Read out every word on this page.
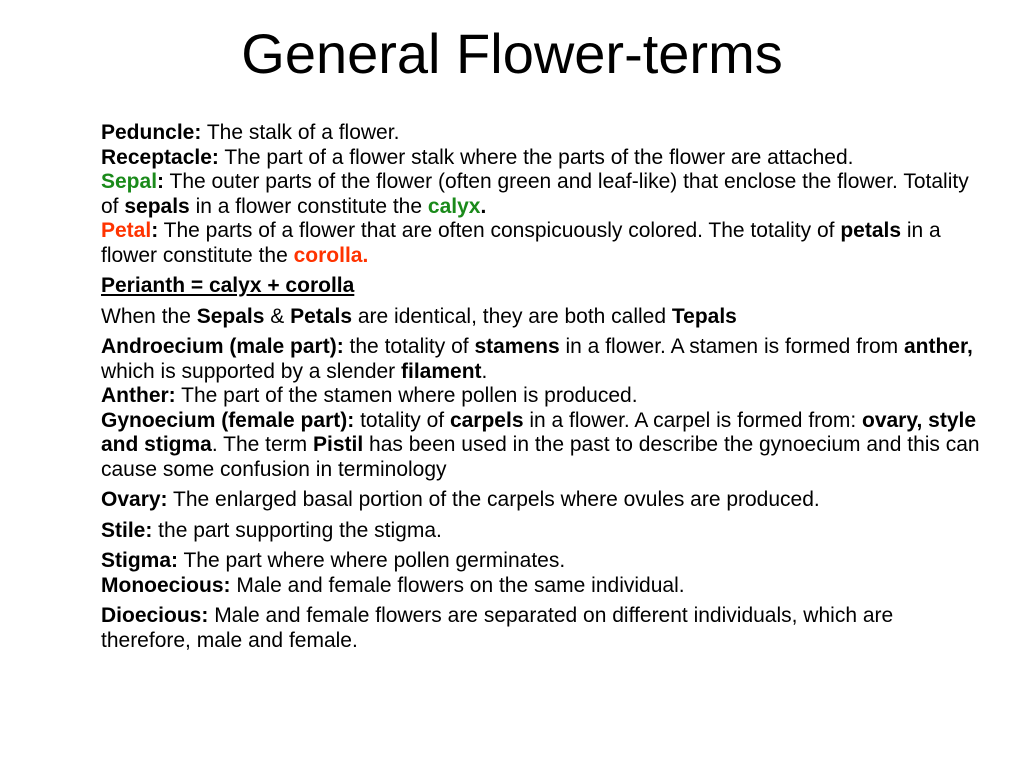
General Flower-terms

Peduncle: The stalk of a flower.
Receptacle: The part of a flower stalk where the parts of the flower are attached.
Sepal: The outer parts of the flower (often green and leaf-like) that enclose the flower. Totality of sepals in a flower constitute the calyx.
Petal: The parts of a flower that are often conspicuously colored. The totality of petals in a flower constitute the corolla.

Perianth = calyx + corolla

When the Sepals & Petals are identical, they are both called Tepals

Androecium (male part): the totality of stamens in a flower. A stamen is formed from anther, which is supported by a slender filament.
Anther: The part of the stamen where pollen is produced.
Gynoecium (female part): totality of carpels in a flower. A carpel is formed from: ovary, style and stigma. The term Pistil has been used in the past to describe the gynoecium and this can cause some confusion in terminology

Ovary: The enlarged basal portion of the carpels where ovules are produced.

Stile: the part supporting the stigma.

Stigma: The part where where pollen germinates.
Monoecious: Male and female flowers on the same individual.

Dioecious: Male and female flowers are separated on different individuals, which are therefore, male and female.
